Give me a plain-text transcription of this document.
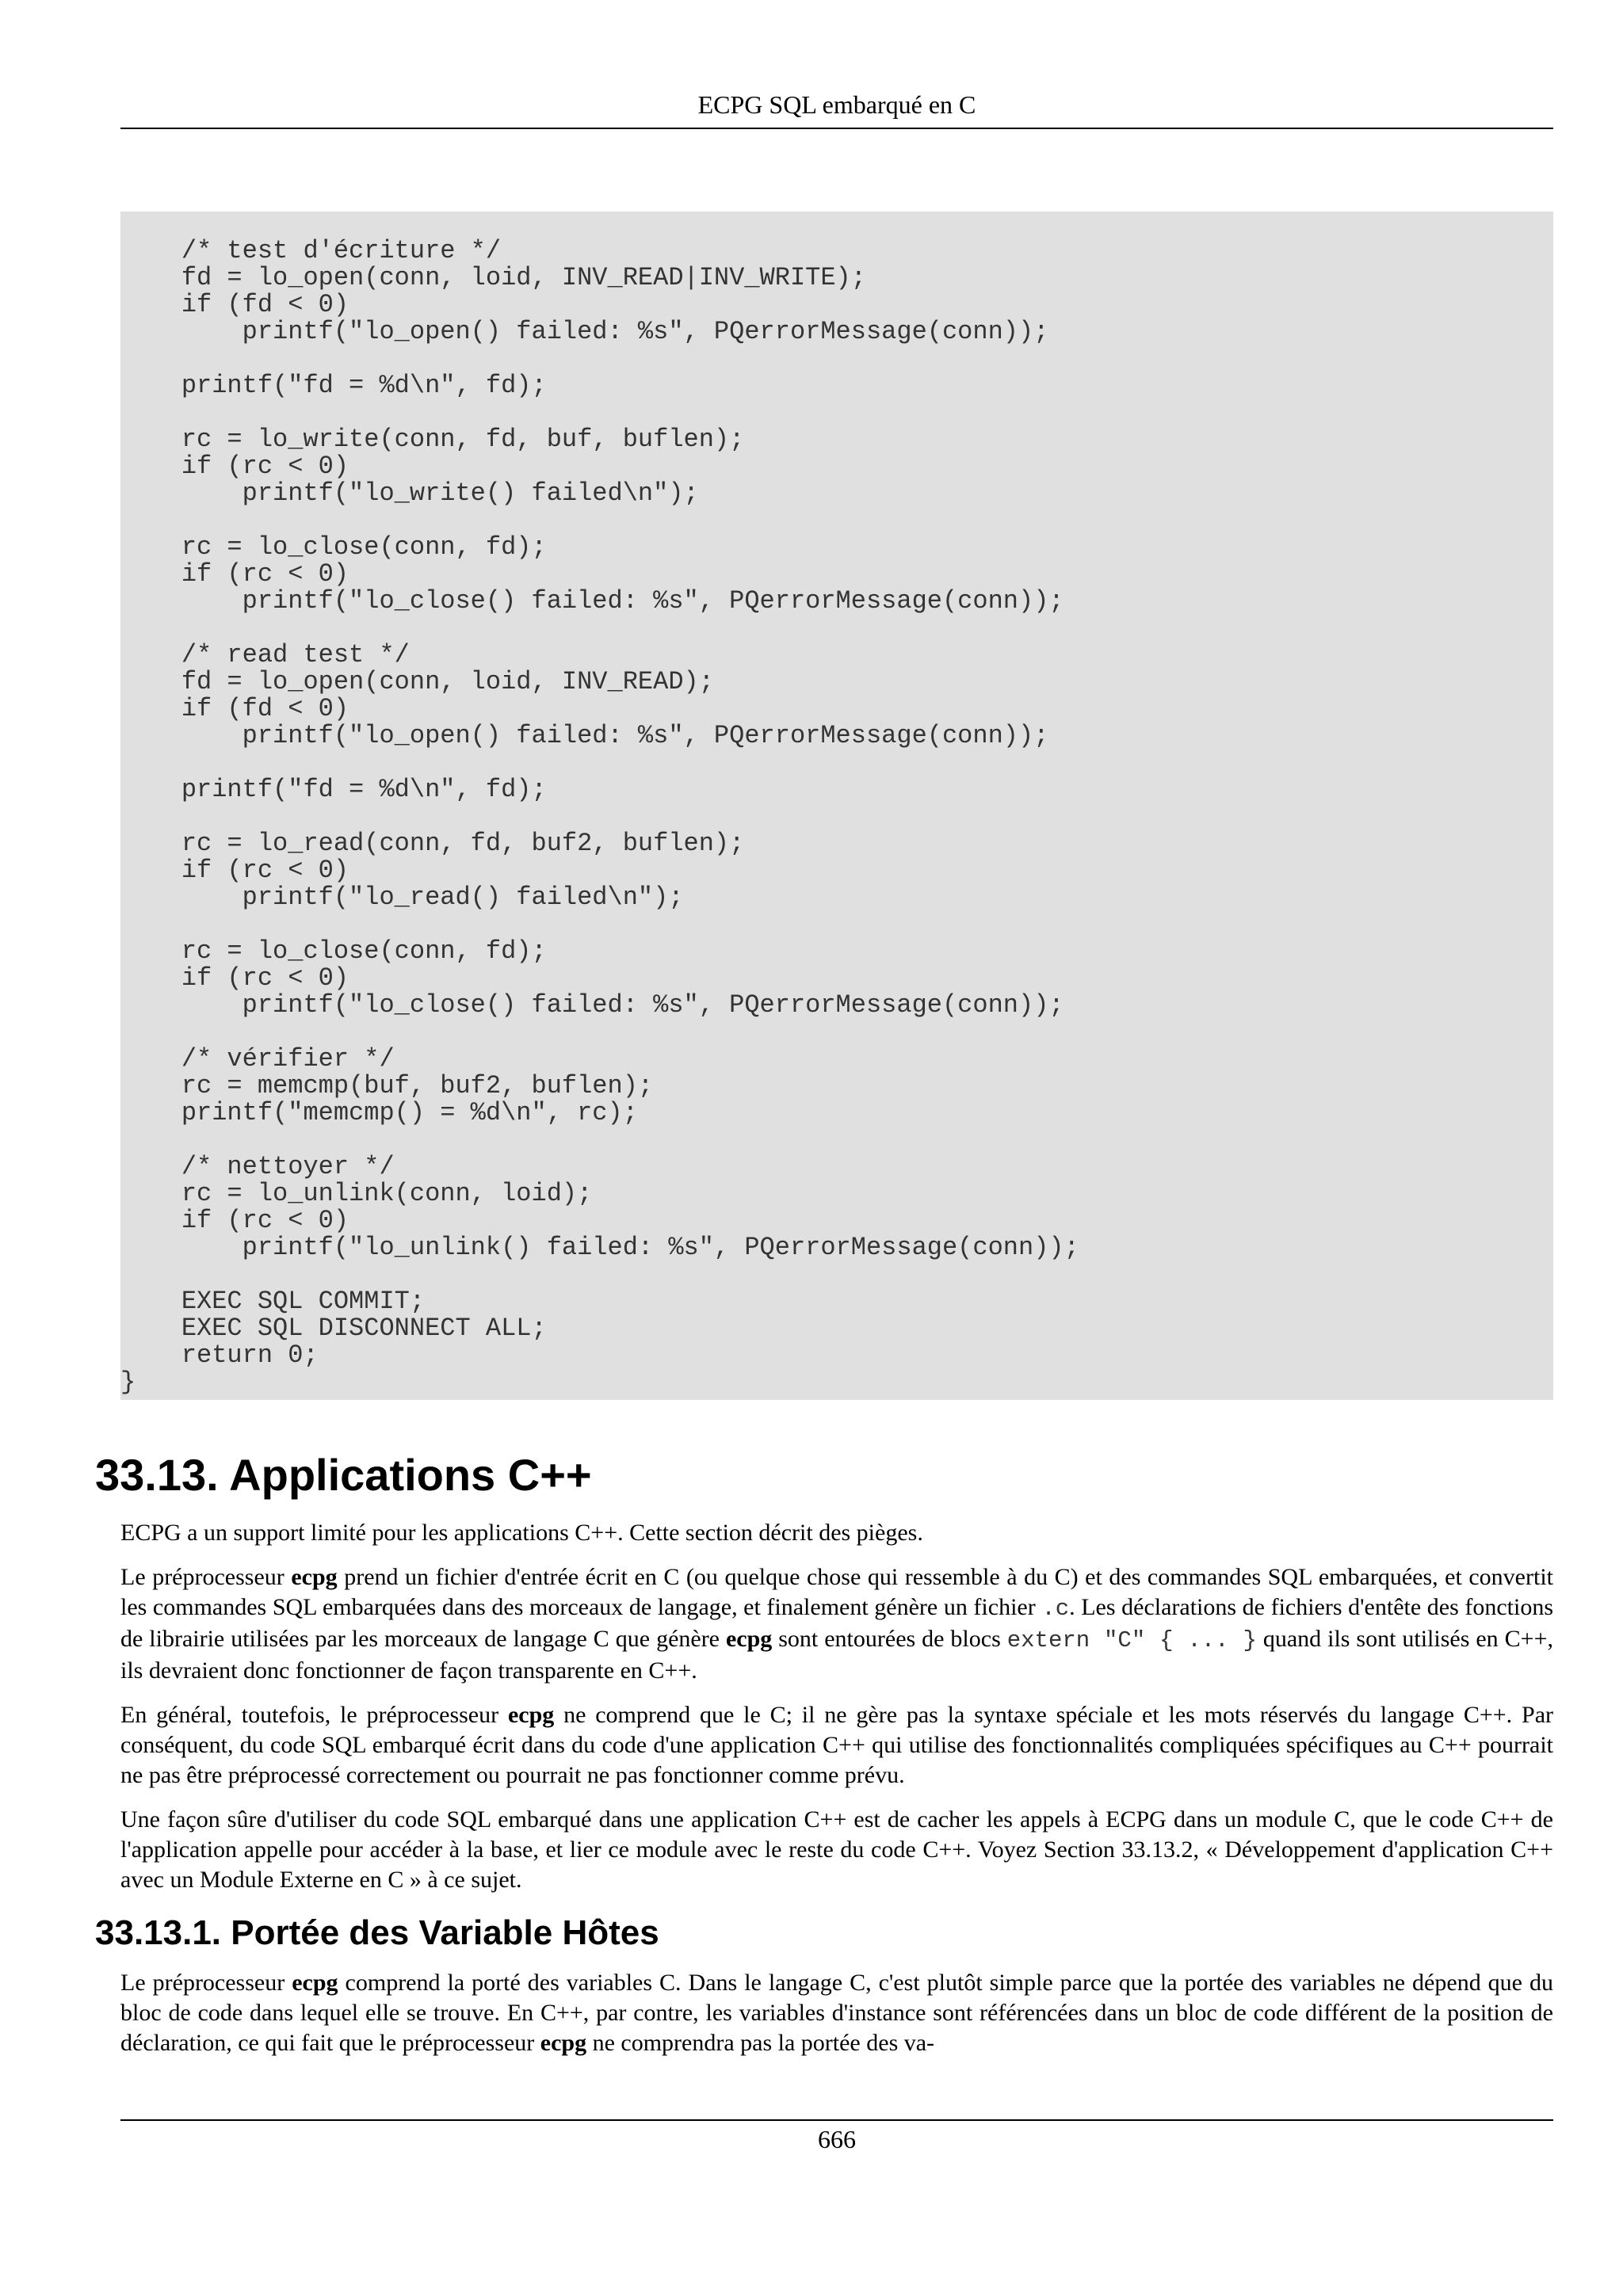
ECPG SQL embarqué en C
/* test d'écriture */
fd = lo_open(conn, loid, INV_READ|INV_WRITE);
if (fd < 0)
printf("lo_open() failed: %s", PQerrorMessage(conn));

printf("fd = %d\n", fd);

rc = lo_write(conn, fd, buf, buflen);
if (rc < 0)
printf("lo_write() failed\n");

rc = lo_close(conn, fd);
if (rc < 0)
printf("lo_close() failed: %s", PQerrorMessage(conn));

/* read test */
fd = lo_open(conn, loid, INV_READ);
if (fd < 0)
printf("lo_open() failed: %s", PQerrorMessage(conn));

printf("fd = %d\n", fd);

rc = lo_read(conn, fd, buf2, buflen);
if (rc < 0)
printf("lo_read() failed\n");

rc = lo_close(conn, fd);
if (rc < 0)
printf("lo_close() failed: %s", PQerrorMessage(conn));

/* vérifier */
rc = memcmp(buf, buf2, buflen);
printf("memcmp() = %d\n", rc);

/* nettoyer */
rc = lo_unlink(conn, loid);
if (rc < 0)
printf("lo_unlink() failed: %s", PQerrorMessage(conn));

EXEC SQL COMMIT;
EXEC SQL DISCONNECT ALL;
return 0;
}
33.13. Applications C++

ECPG a un support limité pour les applications C++. Cette section décrit des pièges.

Le préprocesseur ecpg prend un fichier d'entrée écrit en C (ou quelque chose qui ressemble à du C) et des commandes SQL embarquées, et convertit les commandes SQL embarquées dans des morceaux de langage, et finalement génère un fichier .c. Les déclarations de fichiers d'entête des fonctions de librairie utilisées par les morceaux de langage C que génère ecpg sont entourées de blocs extern "C" { ... } quand ils sont utilisés en C++, ils devraient donc fonctionner de façon transparente en C++.

En général, toutefois, le préprocesseur ecpg ne comprend que le C; il ne gère pas la syntaxe spéciale et les mots réservés du langage C++. Par conséquent, du code SQL embarqué écrit dans du code d'une application C++ qui utilise des fonctionnalités compliquées spécifiques au C++ pourrait ne pas être préprocessé correctement ou pourrait ne pas fonctionner comme prévu.

Une façon sûre d'utiliser du code SQL embarqué dans une application C++ est de cacher les appels à ECPG dans un module C, que le code C++ de l'application appelle pour accéder à la base, et lier ce module avec le reste du code C++. Voyez Section 33.13.2, « Développement d'application C++ avec un Module Externe en C » à ce sujet.

33.13.1. Portée des Variable Hôtes

Le préprocesseur ecpg comprend la porté des variables C. Dans le langage C, c'est plutôt simple parce que la portée des variables ne dépend que du bloc de code dans lequel elle se trouve. En C++, par contre, les variables d'instance sont référencées dans un bloc de code différent de la position de déclaration, ce qui fait que le préprocesseur ecpg ne comprendra pas la portée des va-

666
